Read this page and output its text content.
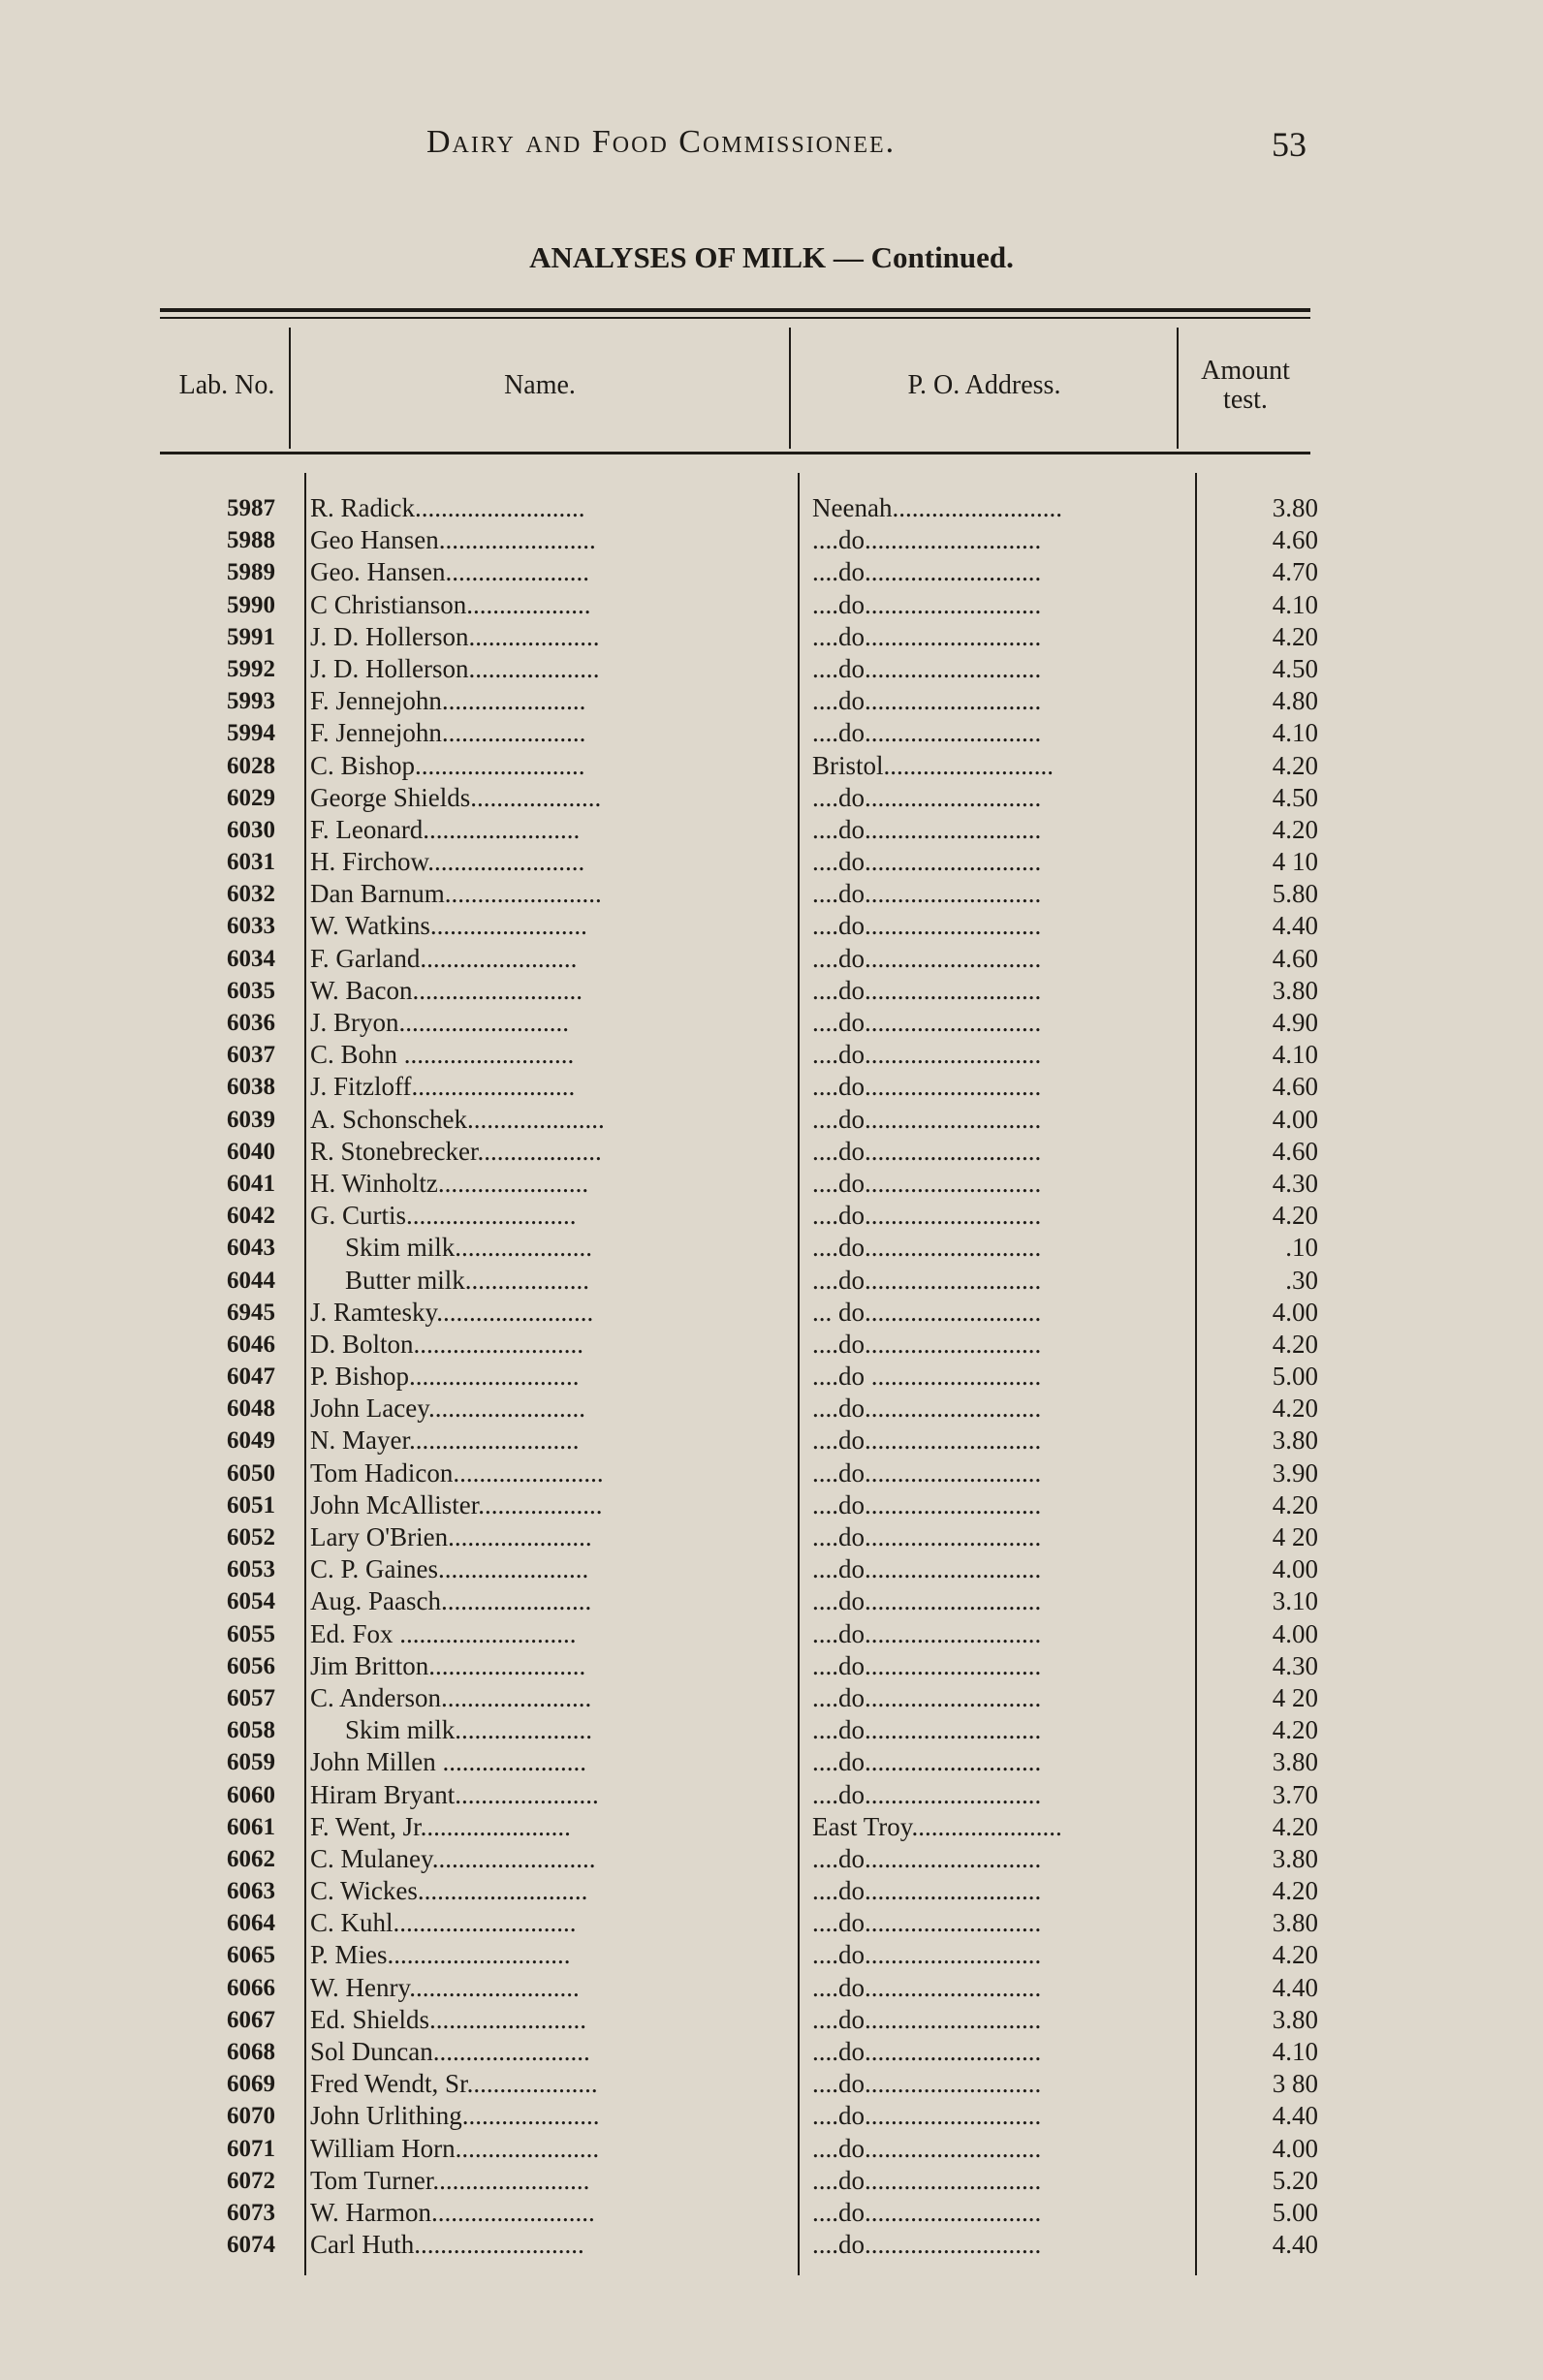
Dairy and Food Commissionee.	53
ANALYSES OF MILK — Continued.
Lab. No.	Name.	P. O. Address.	Amount test.
5987 R. Radick..........................	Neenah..........................	3.80
5988 Geo Hansen........................	....do...........................	4.60
5989 Geo. Hansen......................	....do...........................	4.70
5990 C Christianson...................	....do...........................	4.10
5991 J. D. Hollerson....................	....do...........................	4.20
5992 J. D. Hollerson....................	....do...........................	4.50
5993 F. Jennejohn......................	....do...........................	4.80
5994 F. Jennejohn......................	....do...........................	4.10
6028 C. Bishop..........................	Bristol..........................	4.20
6029 George Shields....................	....do...........................	4.50
6030 F. Leonard........................	....do...........................	4.20
6031 H. Firchow........................	....do...........................	4 10
6032 Dan Barnum........................	....do...........................	5.80
6033 W. Watkins........................	....do...........................	4.40
6034 F. Garland........................	....do...........................	4.60
6035 W. Bacon..........................	....do...........................	3.80
6036 J. Bryon..........................	....do...........................	4.90
6037 C. Bohn ..........................	....do...........................	4.10
6038 J. Fitzloff.........................	....do...........................	4.60
6039 A. Schonschek.....................	....do...........................	4.00
6040 R. Stonebrecker...................	....do...........................	4.60
6041 H. Winholtz.......................	....do...........................	4.30
6042 G. Curtis..........................	....do...........................	4.20
6043	Skim milk.....................	....do...........................	.10
6044	Butter milk...................	....do...........................	.30
6945 J. Ramtesky........................	... do...........................	4.00
6046 D. Bolton..........................	....do...........................	4.20
6047 P. Bishop..........................	....do ..........................	5.00
6048 John Lacey........................	....do...........................	4.20
6049 N. Mayer..........................	....do...........................	3.80
6050 Tom Hadicon.......................	....do...........................	3.90
6051 John McAllister...................	....do...........................	4.20
6052 Lary O'Brien......................	....do...........................	4 20
6053 C. P. Gaines.......................	....do...........................	4.00
6054 Aug. Paasch.......................	....do...........................	3.10
6055 Ed. Fox ...........................	....do...........................	4.00
6056 Jim Britton........................	....do...........................	4.30
6057 C. Anderson.......................	....do...........................	4 20
6058	Skim milk.....................	....do...........................	4.20
6059 John Millen ......................	....do...........................	3.80
6060 Hiram Bryant......................	....do...........................	3.70
6061 F. Went, Jr.......................	East Troy.......................	4.20
6062 C. Mulaney.........................	....do...........................	3.80
6063 C. Wickes..........................	....do...........................	4.20
6064 C. Kuhl............................	....do...........................	3.80
6065 P. Mies............................	....do...........................	4.20
6066 W. Henry..........................	....do...........................	4.40
6067 Ed. Shields........................	....do...........................	3.80
6068 Sol Duncan........................	....do...........................	4.10
6069 Fred Wendt, Sr....................	....do...........................	3 80
6070 John Urlithing.....................	....do...........................	4.40
6071 William Horn......................	....do...........................	4.00
6072 Tom Turner........................	....do...........................	5.20
6073 W. Harmon.........................	....do...........................	5.00
6074 Carl Huth..........................	....do...........................	4.40
